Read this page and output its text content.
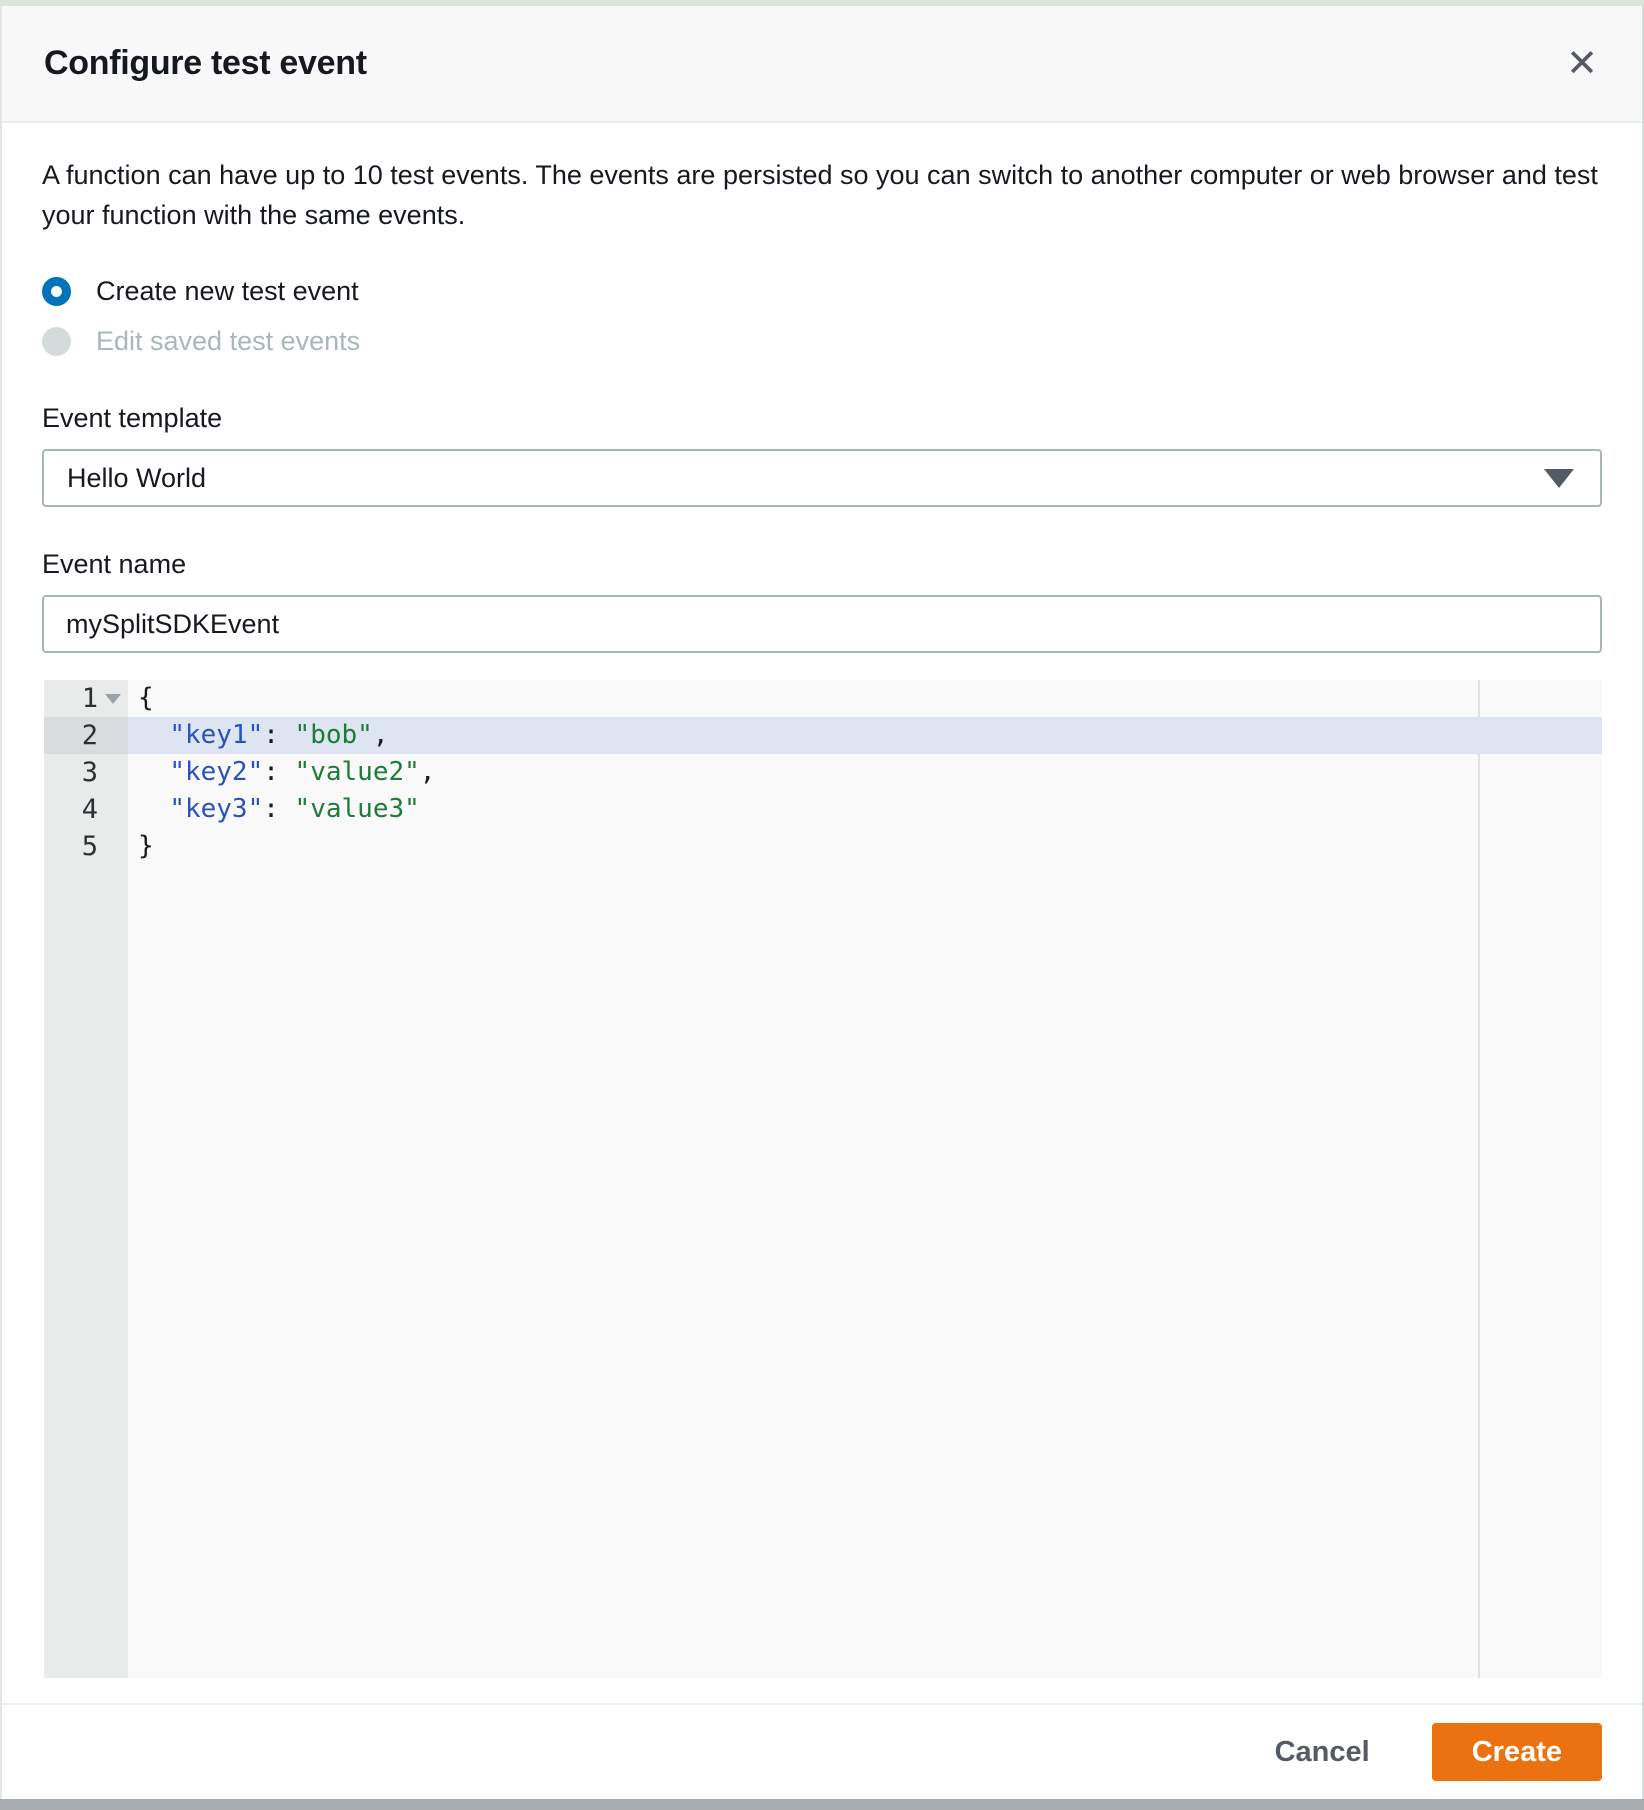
Configure test event	✕

A function can have up to 10 test events. The events are persisted so you can switch to another computer or web browser and test your function with the same events.

Create new test event
Edit saved test events
Event template
Hello World
Event name
mySplitSDKEvent
1
2
3
4
5
{
"key1": "bob",
"key2": "value2",
"key3": "value3"
}
Cancel	Create
